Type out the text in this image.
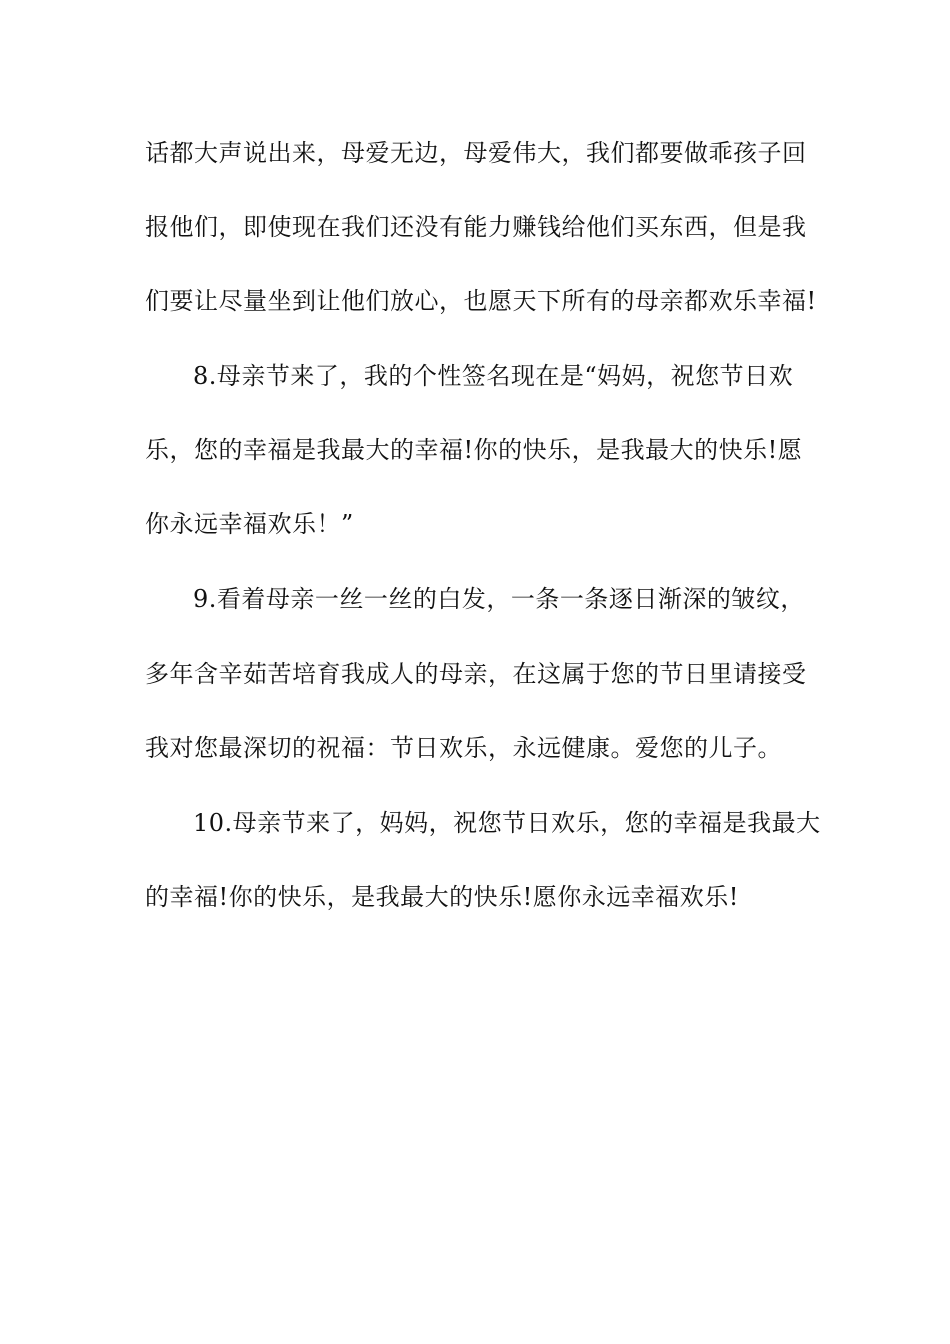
话都大声说出来，母爱无边，母爱伟大，我们都要做乖孩子回
报他们，即使现在我们还没有能力赚钱给他们买东西，但是我
们要让尽量坐到让他们放心，也愿天下所有的母亲都欢乐幸福!
8.母亲节来了，我的个性签名现在是“妈妈，祝您节日欢
乐，您的幸福是我最大的幸福!你的快乐，是我最大的快乐!愿
你永远幸福欢乐！”
9.看着母亲一丝一丝的白发，一条一条逐日渐深的皱纹，
多年含辛茹苦培育我成人的母亲，在这属于您的节日里请接受
我对您最深切的祝福：节日欢乐，永远健康。爱您的儿子。
10.母亲节来了，妈妈，祝您节日欢乐，您的幸福是我最大
的幸福!你的快乐，是我最大的快乐!愿你永远幸福欢乐!
